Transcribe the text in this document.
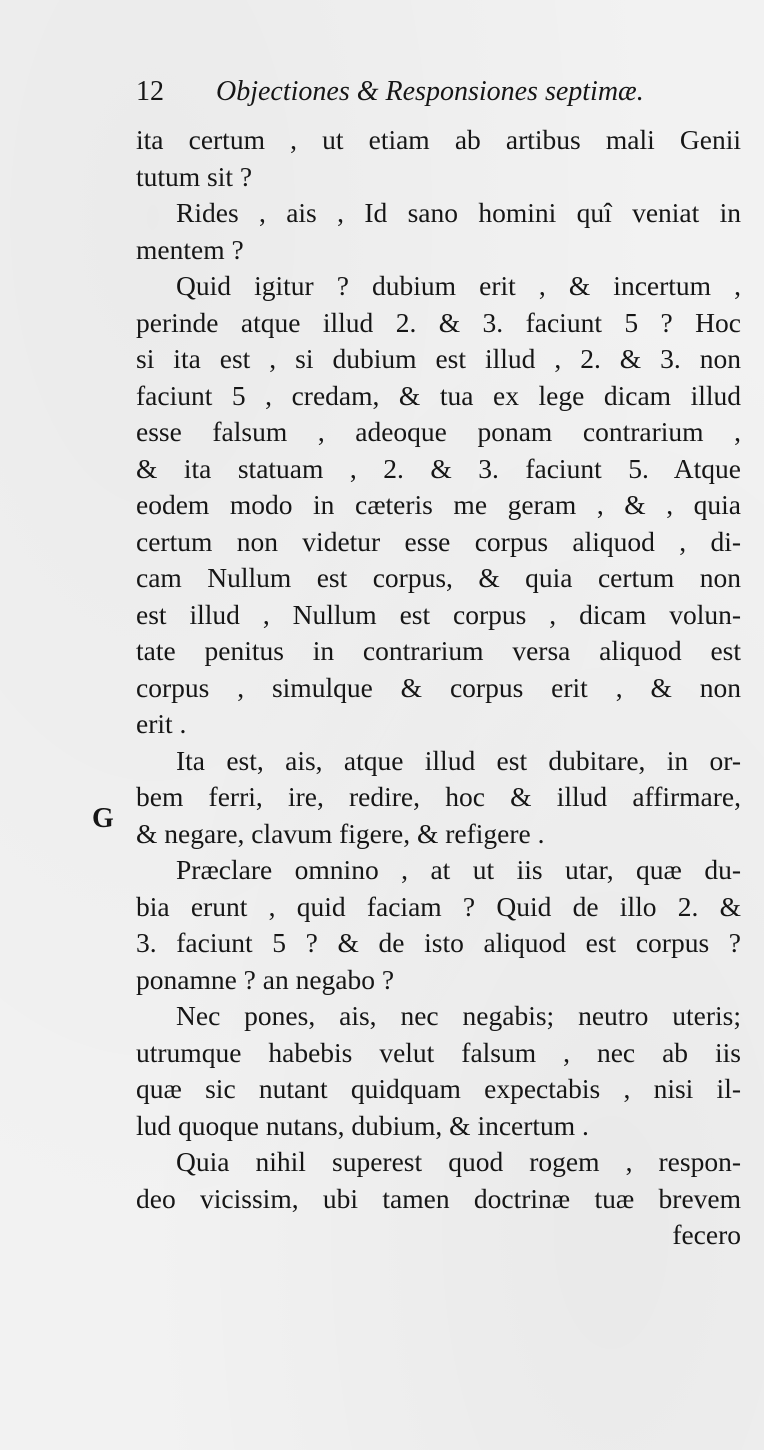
12 Objectiones & Responsiones septimæ.
G
ita certum , ut etiam ab artibus mali Genii
tutum sit ?
Rides , ais , Id sano homini quî veniat in
mentem ?
Quid igitur ? dubium erit , & incertum ,
perinde atque illud 2. & 3. faciunt 5 ? Hoc
si ita est , si dubium est illud , 2. & 3. non
faciunt 5 , credam, & tua ex lege dicam illud
esse falsum , adeoque ponam contrarium ,
& ita statuam , 2. & 3. faciunt 5. Atque
eodem modo in cæteris me geram , & , quia
certum non videtur esse corpus aliquod , di-
cam Nullum est corpus, & quia certum non
est illud , Nullum est corpus , dicam volun-
tate penitus in contrarium versa aliquod est
corpus , simulque & corpus erit , & non
erit .
Ita est, ais, atque illud est dubitare, in or-
bem ferri, ire, redire, hoc & illud affirmare,
& negare, clavum figere, & refigere .
Præclare omnino , at ut iis utar, quæ du-
bia erunt , quid faciam ? Quid de illo 2. &
3. faciunt 5 ? & de isto aliquod est corpus ?
ponamne ? an negabo ?
Nec pones, ais, nec negabis; neutro uteris;
utrumque habebis velut falsum , nec ab iis
quæ sic nutant quidquam expectabis , nisi il-
lud quoque nutans, dubium, & incertum .
Quia nihil superest quod rogem , respon-
deo vicissim, ubi tamen doctrinæ tuæ brevem
fecero
